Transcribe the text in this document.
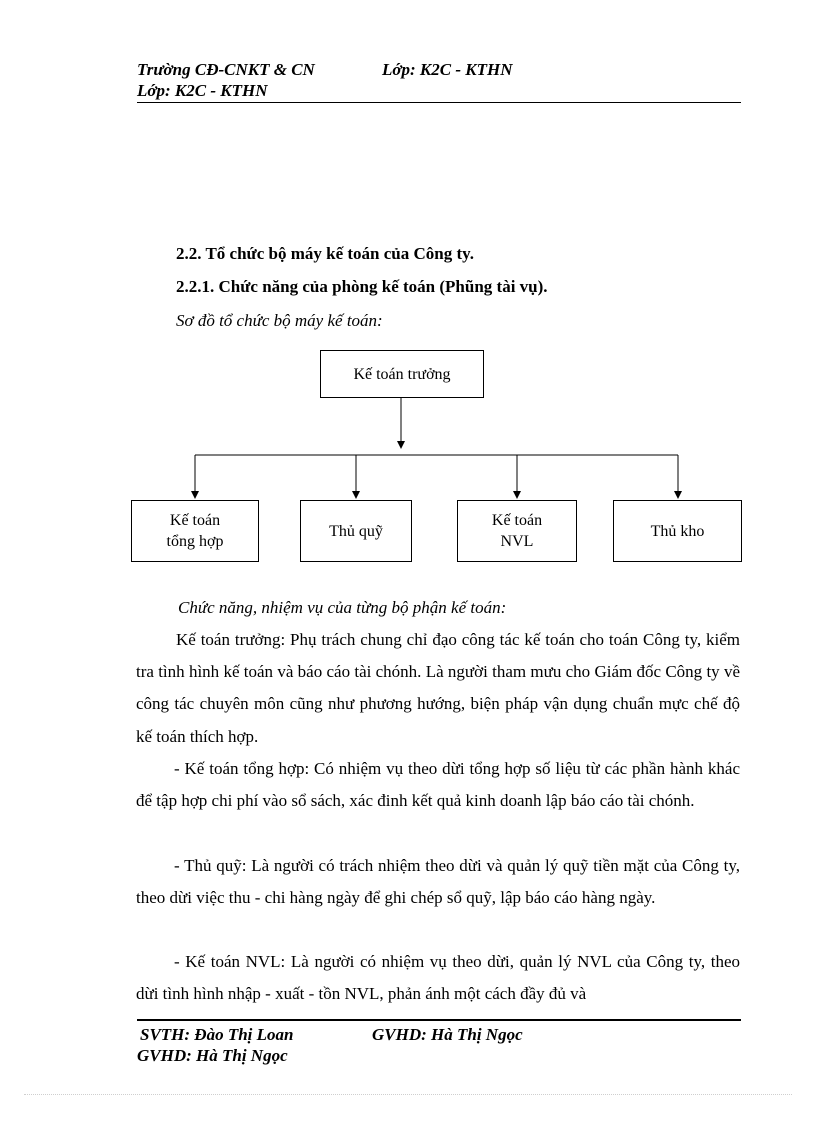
Trường CĐ-CNKT & CN	Lớp: K2C - KTHN
Lớp: K2C - KTHN
2.2. Tổ chức bộ máy kế toán của Công ty.
2.2.1. Chức năng của phòng kế toán (Phũng tài vụ).
Sơ đồ tổ chức bộ máy kế toán:
Kế toán trưởng
Kế toán
tổng hợp
Thủ quỹ
Kế toán
NVL
Thủ kho
Chức năng, nhiệm vụ của từng bộ phận kế toán:

Kế toán trưởng: Phụ trách chung chỉ đạo công tác kế toán cho toán Công ty, kiểm tra tình hình kế toán và báo cáo tài chónh. Là người tham mưu cho Giám đốc Công ty về công tác chuyên môn cũng như phương hướng, biện pháp vận dụng chuẩn mực chế độ kế toán thích hợp.

- Kế toán tổng hợp: Có nhiệm vụ theo dừi tổng hợp số liệu từ các phần hành khác để tập hợp chi phí vào sổ sách, xác đinh kết quả kinh doanh lập báo cáo tài chónh.

- Thủ quỹ: Là người có trách nhiệm theo dừi và quản lý quỹ tiền mặt của Công ty, theo dừi việc thu - chi hàng ngày để ghi chép sổ quỹ, lập báo cáo hàng ngày.

- Kế toán NVL: Là người có nhiệm vụ theo dừi, quản lý NVL của Công ty, theo dừi tình hình nhập - xuất - tồn NVL, phản ánh một cách đầy đủ và

SVTH: Đào Thị Loan	GVHD: Hà Thị Ngọc
GVHD: Hà Thị Ngọc
